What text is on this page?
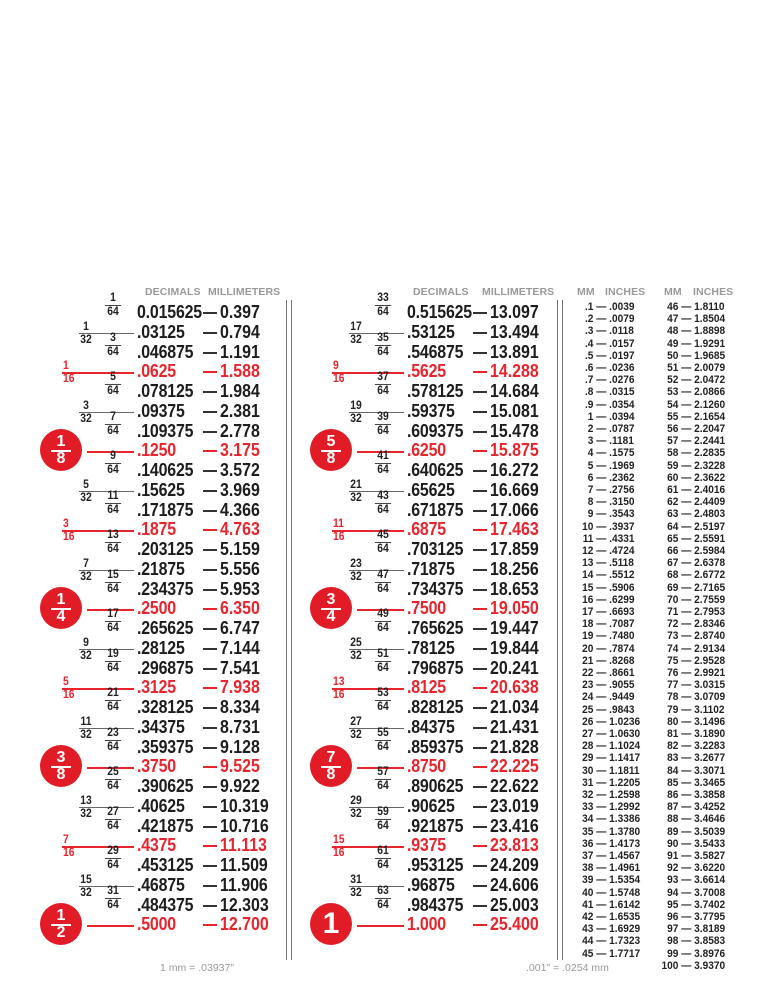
DECIMALS MILLIMETERS	DECIMALS MILLIMETERS MM INCHES MM INCHES
0.015625 0.397
$\frac{1}{64}$
.03125 0.794
1
32
.046875 1.191
$\frac{3}{64}$
.0625 1.588
1
16
.078125 1.984
$\frac{5}{64}$
.09375 2.381
3
32
.109375 2.778
$\frac{7}{64}$
.1250 3.175
1
8
.140625 3.572
$\frac{9}{64}$
.15625 3.969
5
32
.171875 4.366
$\frac{11}{64}$
.1875 4.763
3
16
.203125 5.159
$\frac{13}{64}$
.21875 5.556
7
32
.234375 5.953
$\frac{15}{64}$
.2500 6.350
1
4
.265625 6.747
$\frac{17}{64}$
.28125 7.144
9
32
.296875 7.541
$\frac{19}{64}$
.3125 7.938
5
16
.328125 8.334
$\frac{21}{64}$
.34375 8.731
11
32
.359375 9.128
$\frac{23}{64}$
.3750 9.525
3
8
.390625 9.922
$\frac{25}{64}$
.40625 10.319
13
32
.421875 10.716
$\frac{27}{64}$
.4375 11.113
7
16
.453125 11.509
$\frac{29}{64}$
.46875 11.906
15
32
.484375 12.303
$\frac{31}{64}$
.5000 12.700
1
2
0.515625 13.097
$\frac{33}{64}$
.53125 13.494
17
32
.546875 13.891
$\frac{35}{64}$
.5625 14.288
9
16
.578125 14.684
$\frac{37}{64}$
.59375 15.081
19
32
.609375 15.478
$\frac{39}{64}$
.6250 15.875
5
8
.640625 16.272
$\frac{41}{64}$
.65625 16.669
21
32
.671875 17.066
$\frac{43}{64}$
.6875 17.463
11
16
.703125 17.859
$\frac{45}{64}$
.71875 18.256
23
32
.734375 18.653
$\frac{47}{64}$
.7500 19.050
3
4
.765625 19.447
$\frac{49}{64}$
.78125 19.844
25
32
.796875 20.241
$\frac{51}{64}$
.8125 20.638
13
16
.828125 21.034
$\frac{53}{64}$
.84375 21.431
27
32
.859375 21.828
$\frac{55}{64}$
.8750 22.225
7
8
.890625 22.622
$\frac{57}{64}$
.90625 23.019
29
32
.921875 23.416
$\frac{59}{64}$
.9375 23.813
15
16
.953125 24.209
$\frac{61}{64}$
.96875 24.606
31
32
.984375 25.003
$\frac{63}{64}$
1.000 25.400
1
.1 — .0039
.2 — .0079
.3 — .0118
.4 — .0157
.5 — .0197
.6 — .0236
.7 — .0276
.8 — .0315
.9 — .0354
1 — .0394
2 — .0787
3 — .1181
4 — .1575
5 — .1969
6 — .2362
7 — .2756
8 — .3150
9 — .3543
10 — .3937
11 — .4331
12 — .4724
13 — .5118
14 — .5512
15 — .5906
16 — .6299
17 — .6693
18 — .7087
19 — .7480
20 — .7874
21 — .8268
22 — .8661
23 — .9055
24 — .9449
25 — .9843
26 — 1.0236
27 — 1.0630
28 — 1.1024
29 — 1.1417
30 — 1.1811
31 — 1.2205
32 — 1.2598
33 — 1.2992
34 — 1.3386
35 — 1.3780
36 — 1.4173
37 — 1.4567
38 — 1.4961
39 — 1.5354
40 — 1.5748
41 — 1.6142
42 — 1.6535
43 — 1.6929
44 — 1.7323
45 — 1.7717
46 — 1.8110
47 — 1.8504
48 — 1.8898
49 — 1.9291
50 — 1.9685
51 — 2.0079
52 — 2.0472
53 — 2.0866
54 — 2.1260
55 — 2.1654
56 — 2.2047
57 — 2.2441
58 — 2.2835
59 — 2.3228
60 — 2.3622
61 — 2.4016
62 — 2.4409
63 — 2.4803
64 — 2.5197
65 — 2.5591
66 — 2.5984
67 — 2.6378
68 — 2.6772
69 — 2.7165
70 — 2.7559
71 — 2.7953
72 — 2.8346
73 — 2.8740
74 — 2.9134
75 — 2.9528
76 — 2.9921
77 — 3.0315
78 — 3.0709
79 — 3.1102
80 — 3.1496
81 — 3.1890
82 — 3.2283
83 — 3.2677
84 — 3.3071
85 — 3.3465
86 — 3.3858
87 — 3.4252
88 — 3.4646
89 — 3.5039
90 — 3.5433
91 — 3.5827
92 — 3.6220
93 — 3.6614
94 — 3.7008
95 — 3.7402
96 — 3.7795
97 — 3.8189
98 — 3.8583
99 — 3.8976
100 — 3.9370
1 mm = .03937"	.001" = .0254 mm
